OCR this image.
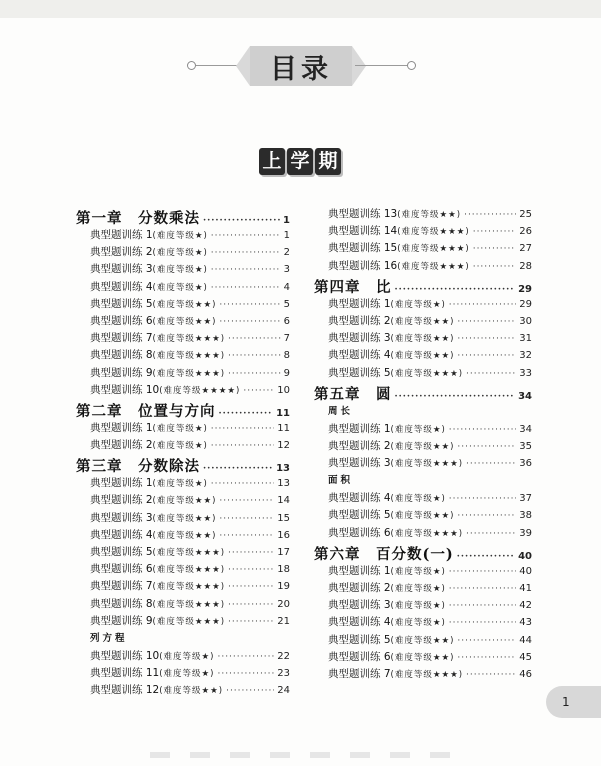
目录
上 学 期
第一章　分数乘法 ·····	1
典型题训练 1 (难度等级★) ·····	1
典型题训练 2 (难度等级★) ·····	2
典型题训练 3 (难度等级★) ·····	3
典型题训练 4 (难度等级★) ·····	4
典型题训练 5 (难度等级★★) ·····	5
典型题训练 6 (难度等级★★) ·····	6
典型题训练 7 (难度等级★★★) ·····	7
典型题训练 8 (难度等级★★★) ·····	8
典型题训练 9 (难度等级★★★) ·····	9
典型题训练 10 (难度等级★★★★) ·····	10
第二章　位置与方向 ·····	11
典型题训练 1 (难度等级★) ·····	11
典型题训练 2 (难度等级★) ·····	12
第三章　分数除法 ·····	13
典型题训练 1 (难度等级★) ·····	13
典型题训练 2 (难度等级★★) ·····	14
典型题训练 3 (难度等级★★) ·····	15
典型题训练 4 (难度等级★★) ·····	16
典型题训练 5 (难度等级★★★) ·····	17
典型题训练 6 (难度等级★★★) ·····	18
典型题训练 7 (难度等级★★★) ·····	19
典型题训练 8 (难度等级★★★) ·····	20
典型题训练 9 (难度等级★★★) ·····	21
列方程
典型题训练 10 (难度等级★) ·····	22
典型题训练 11 (难度等级★) ·····	23
典型题训练 12 (难度等级★★) ·····	24
典型题训练 13 (难度等级★★) ·····	25
典型题训练 14 (难度等级★★★) ·····	26
典型题训练 15 (难度等级★★★) ·····	27
典型题训练 16 (难度等级★★★) ·····	28
第四章　比 ·····	29
典型题训练 1 (难度等级★) ·····	29
典型题训练 2 (难度等级★★) ·····	30
典型题训练 3 (难度等级★★) ·····	31
典型题训练 4 (难度等级★★) ·····	32
典型题训练 5 (难度等级★★★) ·····	33
第五章　圆 ·····	34
周长
典型题训练 1 (难度等级★) ·····	34
典型题训练 2 (难度等级★★) ·····	35
典型题训练 3 (难度等级★★★) ·····	36
面积
典型题训练 4 (难度等级★) ·····	37
典型题训练 5 (难度等级★★) ·····	38
典型题训练 6 (难度等级★★★) ·····	39
第六章　百分数(一) ·····	40
典型题训练 1 (难度等级★) ·····	40
典型题训练 2 (难度等级★) ·····	41
典型题训练 3 (难度等级★) ·····	42
典型题训练 4 (难度等级★) ·····	43
典型题训练 5 (难度等级★★) ·····	44
典型题训练 6 (难度等级★★) ·····	45
典型题训练 7 (难度等级★★★) ·····	46
1
